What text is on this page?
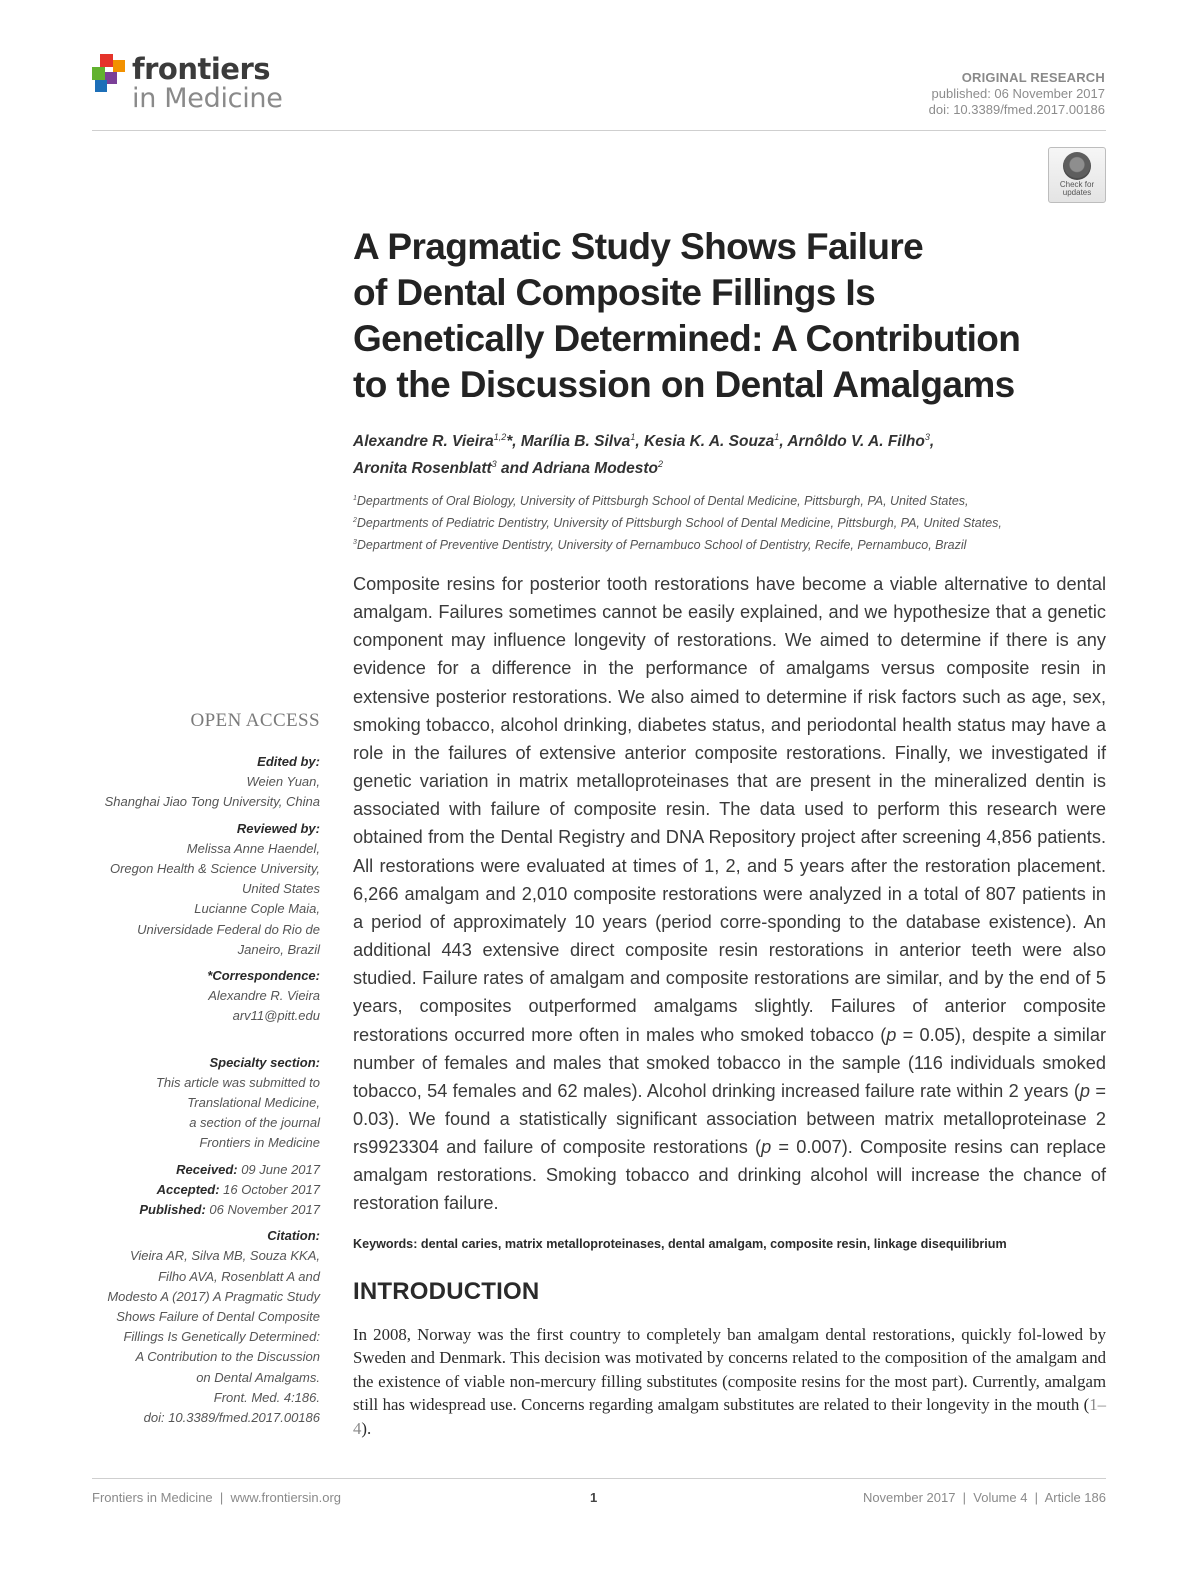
frontiers
in Medicine
ORIGINAL RESEARCH
published: 06 November 2017
doi: 10.3389/fmed.2017.00186
Check for
updates
A Pragmatic Study Shows Failure
of Dental Composite Fillings Is
Genetically Determined: A Contribution
to the Discussion on Dental Amalgams
Alexandre R. Vieira$^{1,2}$*, Marília B. Silva$^1$, Kesia K. A. Souza$^1$, Arnôldo V. A. Filho$^3$,
Aronita Rosenblatt$^3$ and Adriana Modesto$^2$
$^1$Departments of Oral Biology, University of Pittsburgh School of Dental Medicine, Pittsburgh, PA, United States,
$^2$Departments of Pediatric Dentistry, University of Pittsburgh School of Dental Medicine, Pittsburgh, PA, United States,
$^3$Department of Preventive Dentistry, University of Pernambuco School of Dentistry, Recife, Pernambuco, Brazil
Composite resins for posterior tooth restorations have become a viable alternative to dental amalgam. Failures sometimes cannot be easily explained, and we hypothesize that a genetic component may influence longevity of restorations. We aimed to determine if there is any evidence for a difference in the performance of amalgams versus composite resin in extensive posterior restorations. We also aimed to determine if risk factors such as age, sex, smoking tobacco, alcohol drinking, diabetes status, and periodontal health status may have a role in the failures of extensive anterior composite restorations. Finally, we investigated if genetic variation in matrix metalloproteinases that are present in the mineralized dentin is associated with failure of composite resin. The data used to perform this research were obtained from the Dental Registry and DNA Repository project after screening 4,856 patients. All restorations were evaluated at times of 1, 2, and 5 years after the restoration placement. 6,266 amalgam and 2,010 composite restorations were analyzed in a total of 807 patients in a period of approximately 10 years (period corre-sponding to the database existence). An additional 443 extensive direct composite resin restorations in anterior teeth were also studied. Failure rates of amalgam and composite restorations are similar, and by the end of 5 years, composites outperformed amalgams slightly. Failures of anterior composite restorations occurred more often in males who smoked tobacco (p = 0.05), despite a similar number of females and males that smoked tobacco in the sample (116 individuals smoked tobacco, 54 females and 62 males). Alcohol drinking increased failure rate within 2 years (p = 0.03). We found a statistically significant association between matrix metalloproteinase 2 rs9923304 and failure of composite restorations (p = 0.007). Composite resins can replace amalgam restorations. Smoking tobacco and drinking alcohol will increase the chance of restoration failure.
Keywords: dental caries, matrix metalloproteinases, dental amalgam, composite resin, linkage disequilibrium
INTRODUCTION
In 2008, Norway was the first country to completely ban amalgam dental restorations, quickly fol-lowed by Sweden and Denmark. This decision was motivated by concerns related to the composition of the amalgam and the existence of viable non-mercury filling substitutes (composite resins for the most part). Currently, amalgam still has widespread use. Concerns regarding amalgam substitutes are related to their longevity in the mouth (1–4).
OPEN ACCESS
Edited by:
Weien Yuan,
Shanghai Jiao Tong University, China
Reviewed by:
Melissa Anne Haendel,
Oregon Health & Science University,
United States
Lucianne Cople Maia,
Universidade Federal do Rio de
Janeiro, Brazil
*Correspondence:
Alexandre R. Vieira
arv11@pitt.edu
Specialty section:
This article was submitted to
Translational Medicine,
a section of the journal
Frontiers in Medicine
Received: 09 June 2017
Accepted: 16 October 2017
Published: 06 November 2017
Citation:
Vieira AR, Silva MB, Souza KKA,
Filho AVA, Rosenblatt A and
Modesto A (2017) A Pragmatic Study
Shows Failure of Dental Composite
Fillings Is Genetically Determined:
A Contribution to the Discussion
on Dental Amalgams.
Front. Med. 4:186.
doi: 10.3389/fmed.2017.00186
Frontiers in Medicine  |  www.frontiersin.org	1	November 2017  |  Volume 4  |  Article 186
